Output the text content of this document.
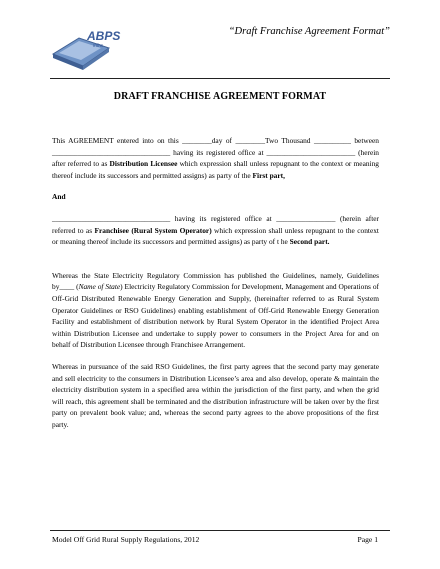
ABPS
infra
“Draft Franchise Agreement Format”
DRAFT FRANCHISE AGREEMENT FORMAT

This AGREEMENT entered into on this ________day of ________Two Thousand __________ between ________________________________ having its registered office at ________________________ (herein after referred to as Distribution Licensee which expression shall unless repugnant to the context or meaning thereof include its successors and permitted assigns) as party of the First part,

And

________________________________ having its registered office at ________________ (herein after referred to as Franchisee (Rural System Operator) which expression shall unless repugnant to the context or meaning thereof include its successors and permitted assigns) as party of t he Second part.

Whereas the State Electricity Regulatory Commission has published the Guidelines, namely, Guidelines by____ (Name of State) Electricity Regulatory Commission for Development, Management and Operations of Off-Grid Distributed Renewable Energy Generation and Supply, (hereinafter referred to as Rural System Operator Guidelines or RSO Guidelines) enabling establishment of Off-Grid Renewable Energy Generation Facility and establishment of distribution network by Rural System Operator in the identified Project Area within Distribution Licensee and undertake to supply power to consumers in the Project Area for and on behalf of Distribution Licensee through Franchisee Arrangement.

Whereas in pursuance of the said RSO Guidelines, the first party agrees that the second party may generate and sell electricity to the consumers in Distribution Licensee’s area and also develop, operate & maintain the electricity distribution system in a specified area within the jurisdiction of the first party, and when the grid will reach, this agreement shall be terminated and the distribution infrastructure will be taken over by the first party on prevalent book value; and, whereas the second party agrees to the above propositions of the first party.

Model Off Grid Rural Supply Regulations, 2012	Page 1
